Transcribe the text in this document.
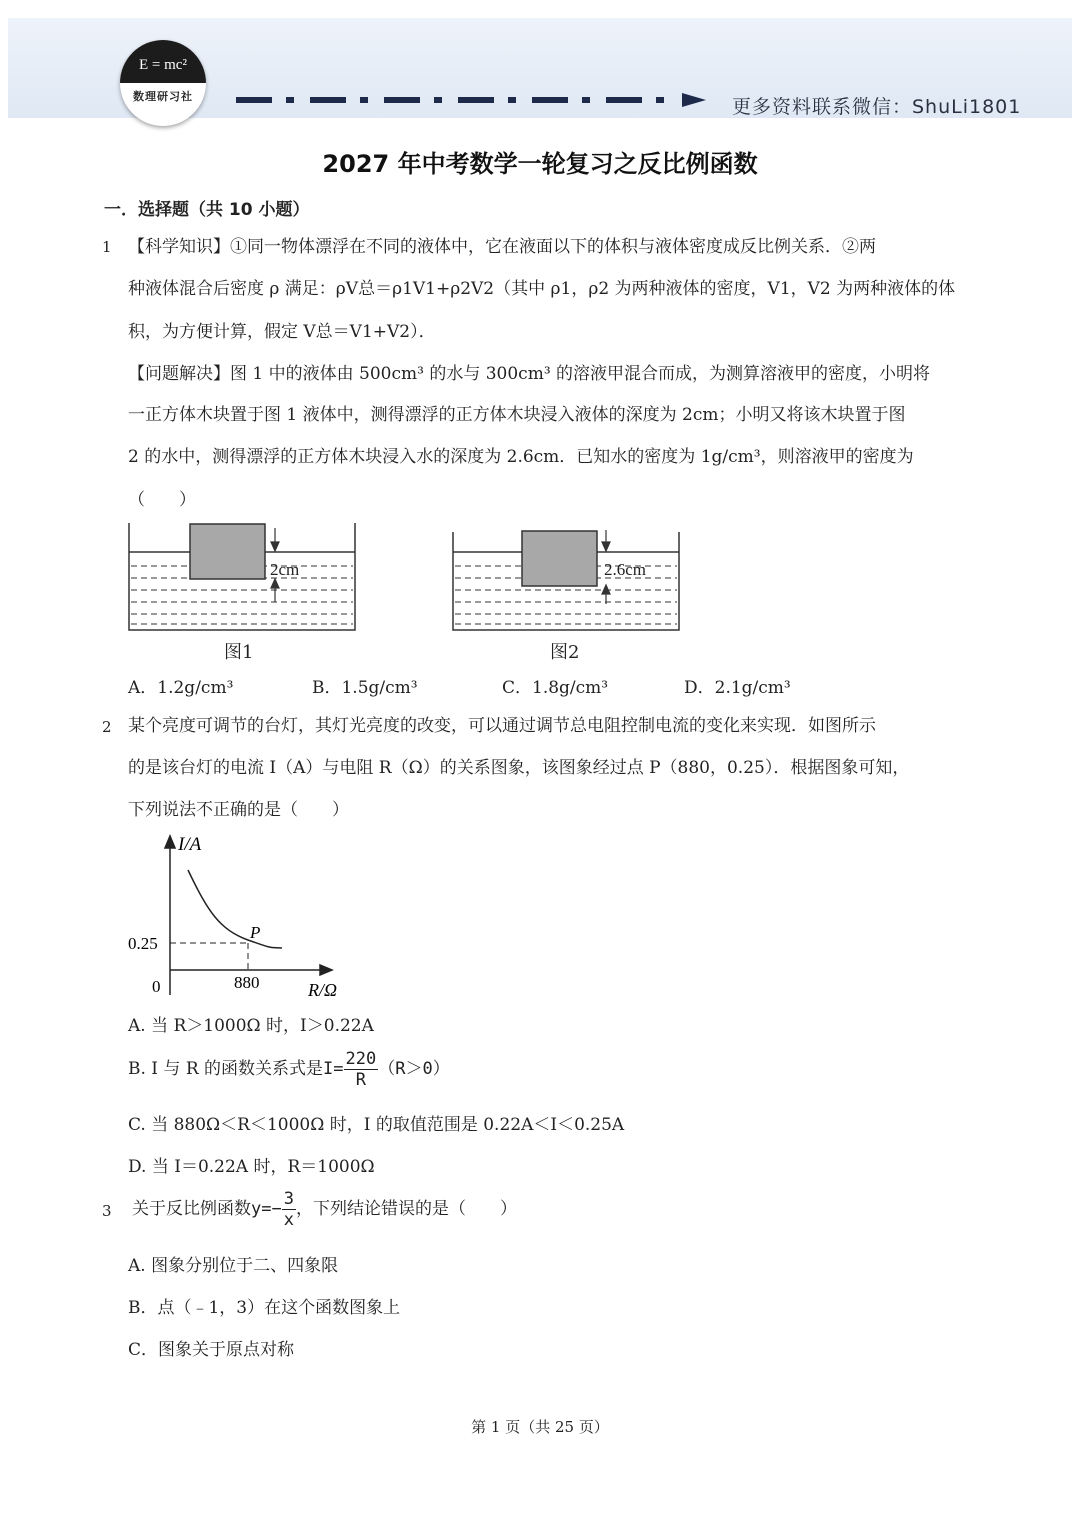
E = mc²
数理研习社	更多资料联系微信：ShuLi1801
2027 年中考数学一轮复习之反比例函数
一．选择题（共 10 小题）
1 【科学知识】①同一物体漂浮在不同的液体中，它在液面以下的体积与液体密度成反比例关系．②两
种液体混合后密度 ρ 满足：ρV总＝ρ1V1+ρ2V2（其中 ρ1，ρ2 为两种液体的密度，V1，V2 为两种液体的体
积，为方便计算，假定 V总＝V1+V2）．
【问题解决】图 1 中的液体由 500cm³ 的水与 300cm³ 的溶液甲混合而成，为测算溶液甲的密度，小明将
一正方体木块置于图 1 液体中，测得漂浮的正方体木块浸入液体的深度为 2cm；小明又将该木块置于图
2 的水中，测得漂浮的正方体木块浸入水的深度为 2.6cm．已知水的密度为 1g/cm³，则溶液甲的密度为
（　　）
2cm
图1
2.6cm
图2
A．1.2g/cm³	B．1.5g/cm³	C．1.8g/cm³	D．2.1g/cm³
2 某个亮度可调节的台灯，其灯光亮度的改变，可以通过调节总电阻控制电流的变化来实现．如图所示
的是该台灯的电流 I（A）与电阻 R（Ω）的关系图象，该图象经过点 P（880，0.25）．根据图象可知，
下列说法不正确的是（　　）
I/A
R/Ω
0.25
880
0
P
A. 当 R＞1000Ω 时，I＞0.22A
B. I 与 R 的函数关系式是$I= \frac{220}{R} (R>0)$
C. 当 880Ω＜R＜1000Ω 时，I 的取值范围是 0.22A＜I＜0.25A
D. 当 I＝0.22A 时，R＝1000Ω
3 关于反比例函数$y=- \frac{3}{x}$ ，下列结论错误的是（　　）
A. 图象分别位于二、四象限
B．点（﹣1，3）在这个函数图象上
C．图象关于原点对称
第 1 页（共 25 页）
